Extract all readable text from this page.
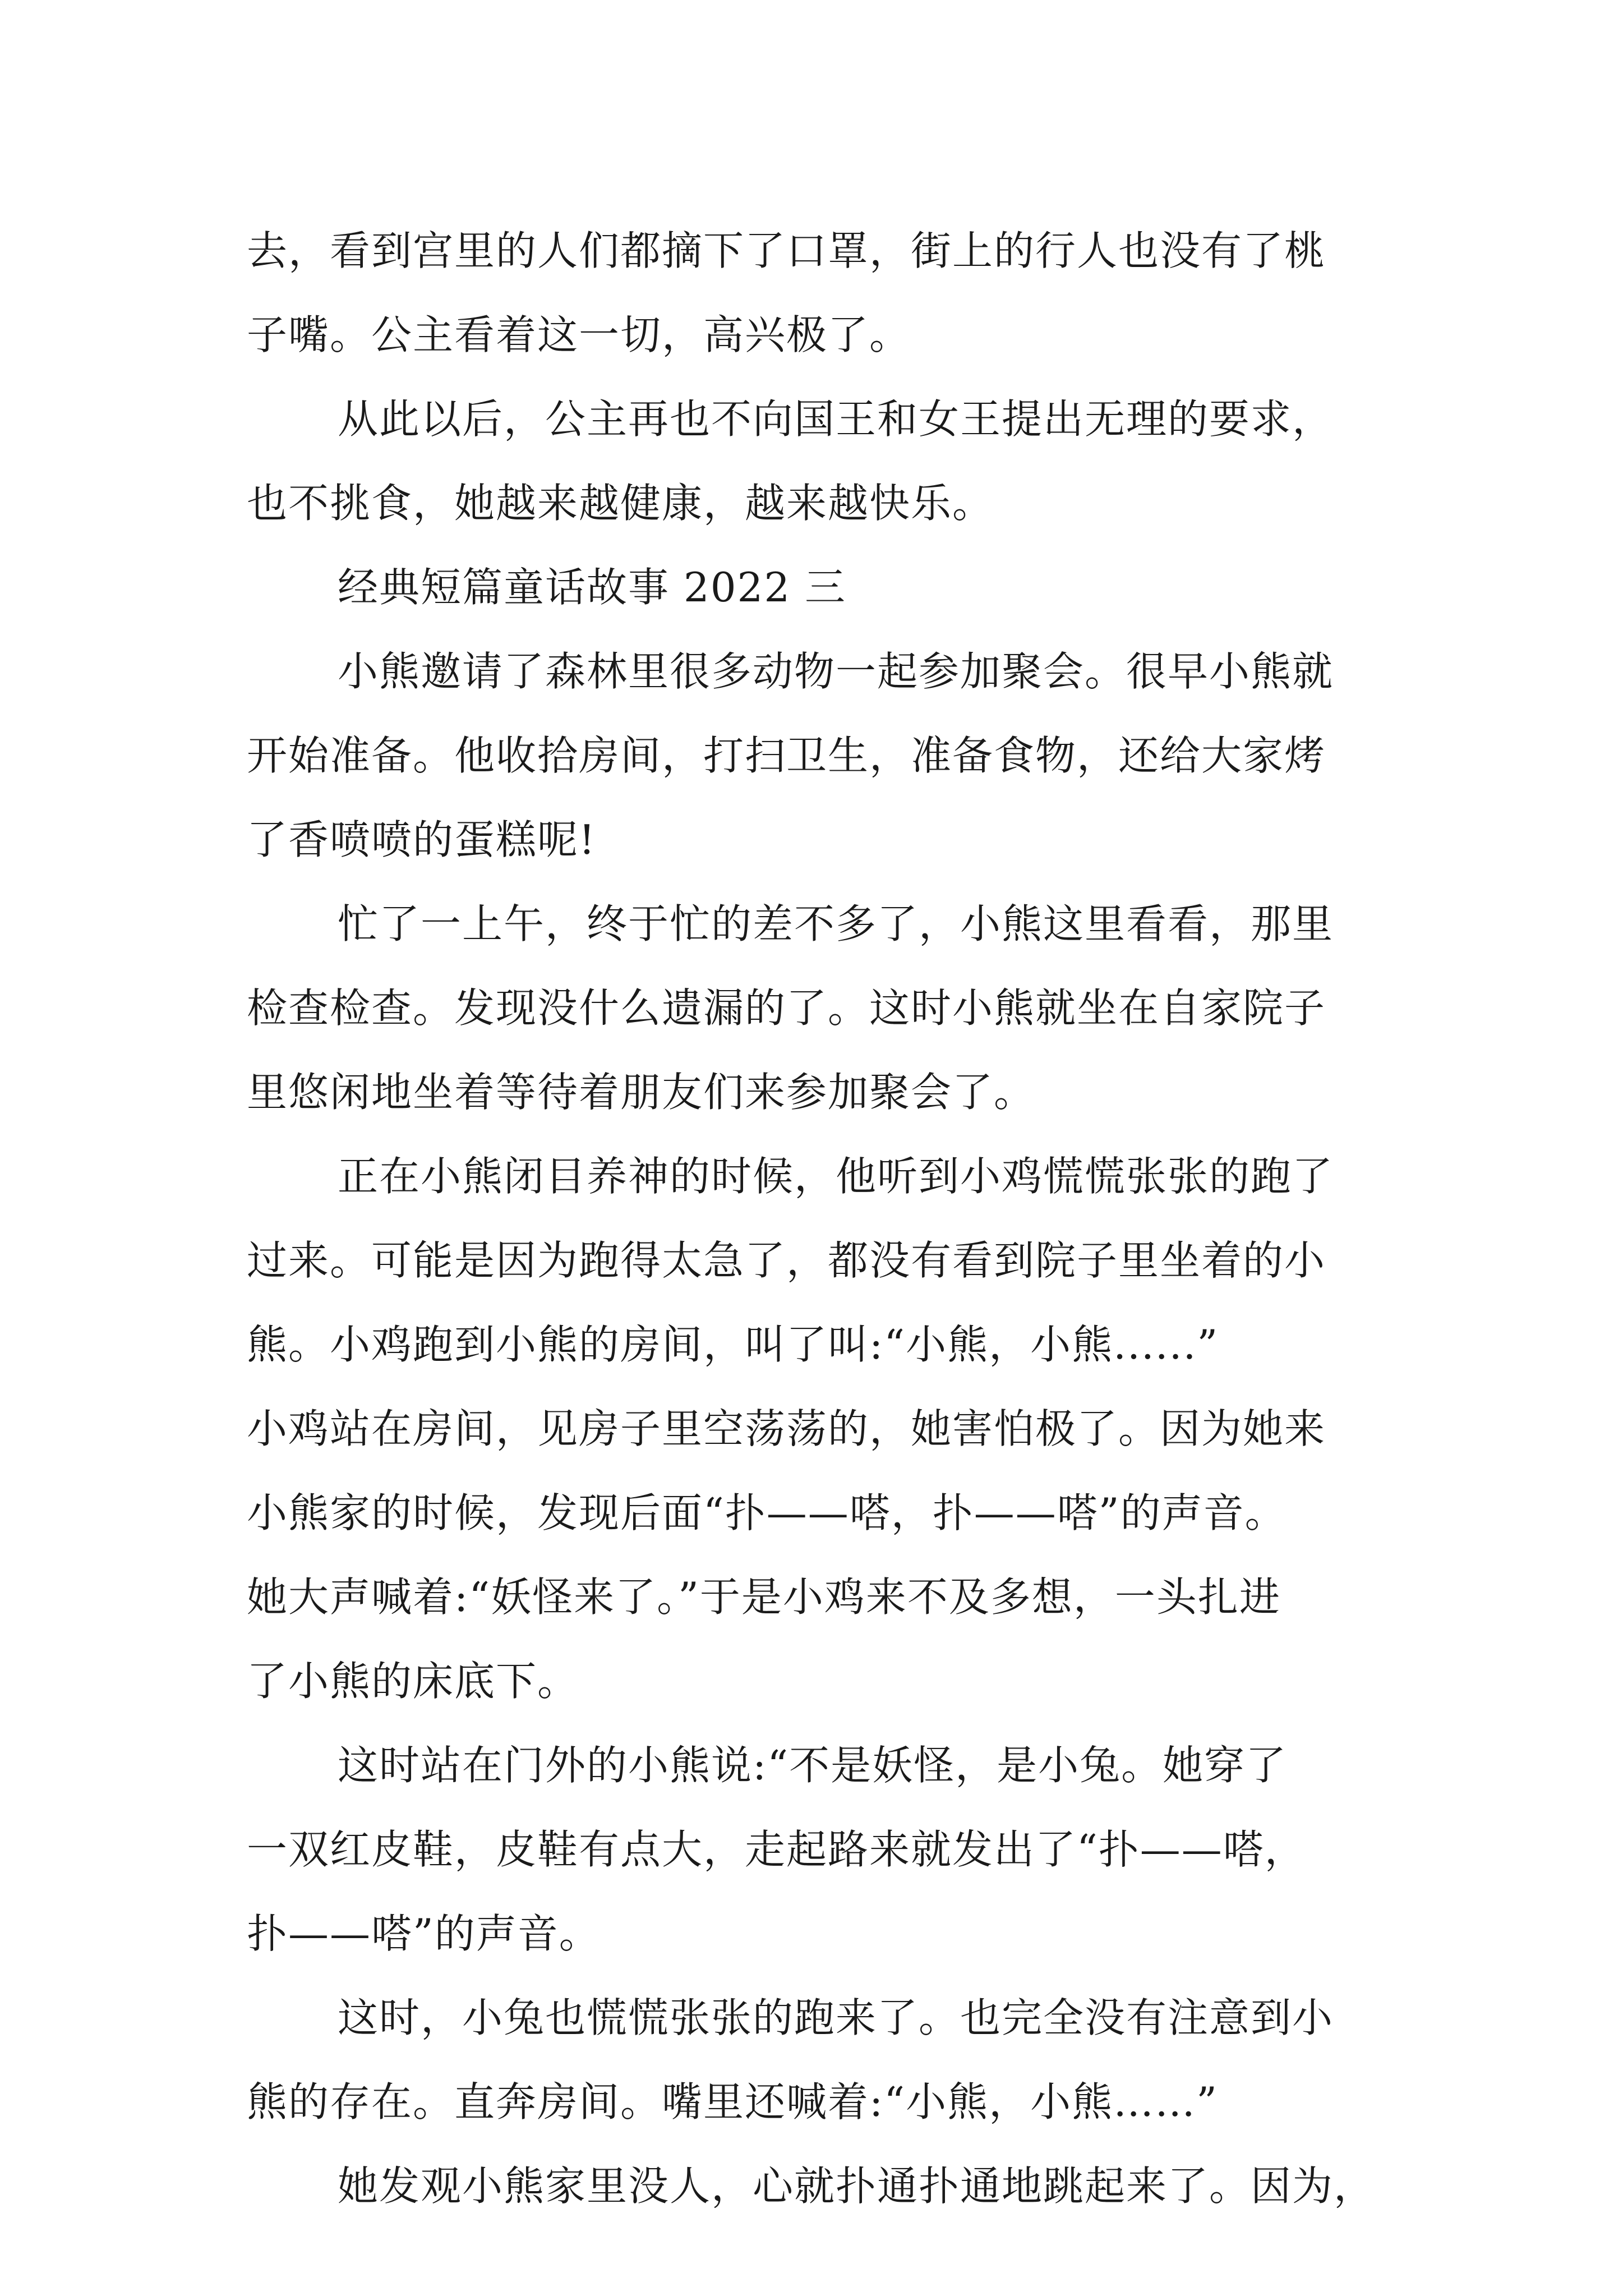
去，看到宫里的人们都摘下了口罩，街上的行人也没有了桃
子嘴。公主看着这一切，高兴极了。
从此以后，公主再也不向国王和女王提出无理的要求，
也不挑食，她越来越健康，越来越快乐。
经典短篇童话故事 2022 三
小熊邀请了森林里很多动物一起参加聚会。很早小熊就
开始准备。他收拾房间，打扫卫生，准备食物，还给大家烤
了香喷喷的蛋糕呢!
忙了一上午，终于忙的差不多了，小熊这里看看，那里
检查检查。发现没什么遗漏的了。这时小熊就坐在自家院子
里悠闲地坐着等待着朋友们来参加聚会了。
正在小熊闭目养神的时候，他听到小鸡慌慌张张的跑了
过来。可能是因为跑得太急了，都没有看到院子里坐着的小
熊。小鸡跑到小熊的房间，叫了叫:“小熊，小熊......”
小鸡站在房间，见房子里空荡荡的，她害怕极了。因为她来
小熊家的时候，发现后面“扑——嗒，扑——嗒”的声音。
她大声喊着:“妖怪来了。”于是小鸡来不及多想，一头扎进
了小熊的床底下。
这时站在门外的小熊说:“不是妖怪，是小兔。她穿了
一双红皮鞋，皮鞋有点大，走起路来就发出了“扑——嗒，
扑——嗒”的声音。
这时，小兔也慌慌张张的跑来了。也完全没有注意到小
熊的存在。直奔房间。嘴里还喊着:“小熊，小熊……”
她发观小熊家里没人，心就扑通扑通地跳起来了。因为，
